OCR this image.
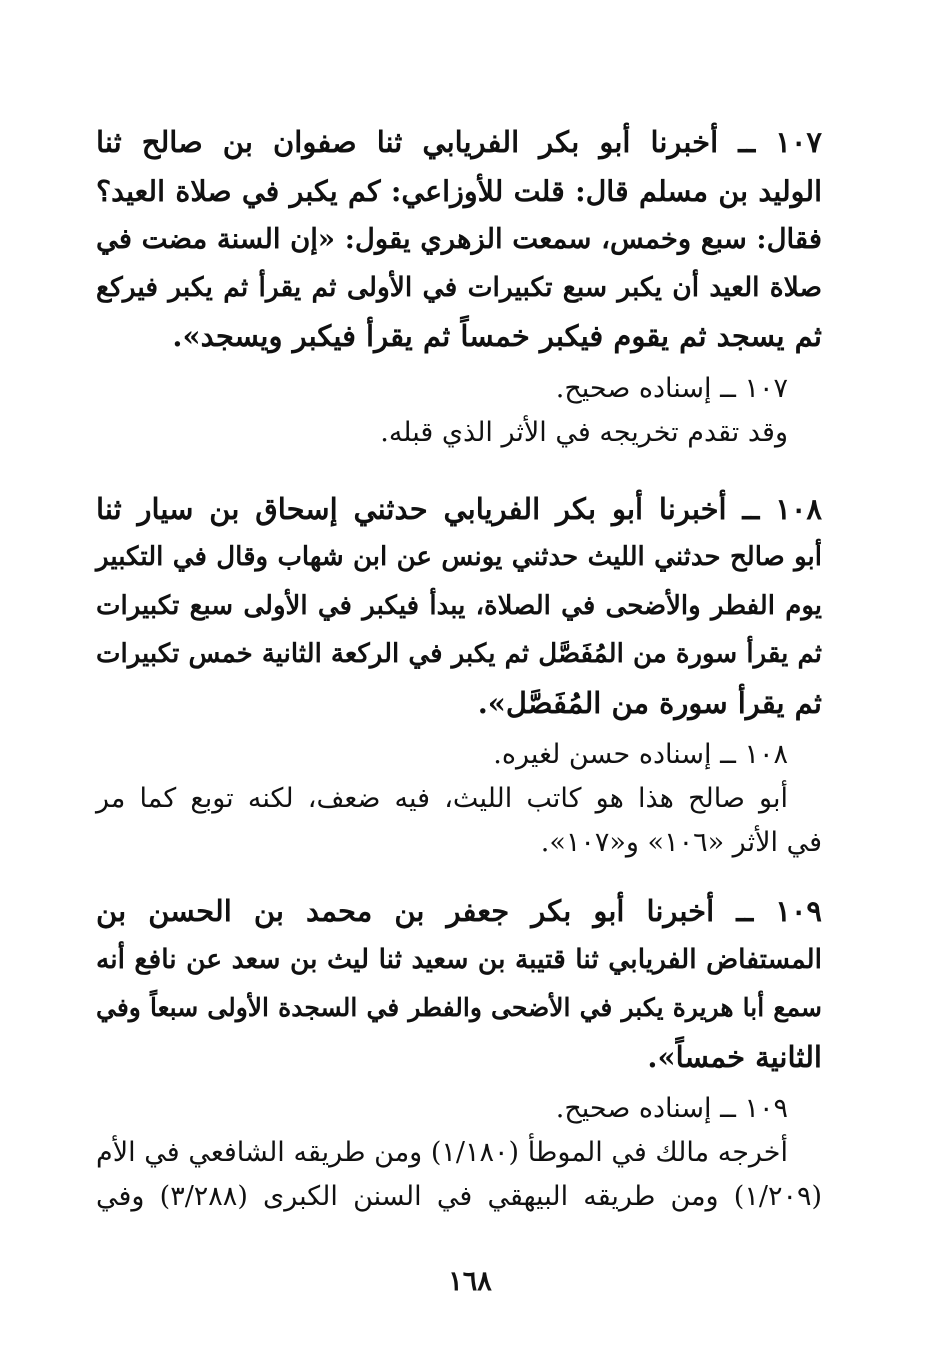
١٠٧ ــ أخبرنا أبو بكر الفريابي ثنا صفوان بن صالح ثنا
الوليد بن مسلم قال: قلت للأوزاعي: كم يكبر في صلاة العيد؟
فقال: سبع وخمس، سمعت الزهري يقول: «إن السنة مضت في
صلاة العيد أن يكبر سبع تكبيرات في الأولى ثم يقرأ ثم يكبر فيركع
ثم يسجد ثم يقوم فيكبر خمساً ثم يقرأ فيكبر ويسجد».
١٠٧ ــ إسناده صحيح.
وقد تقدم تخريجه في الأثر الذي قبله.
١٠٨ ــ أخبرنا أبو بكر الفريابي حدثني إسحاق بن سيار ثنا
أبو صالح حدثني الليث حدثني يونس عن ابن شهاب وقال في التكبير
يوم الفطر والأضحى في الصلاة، يبدأ فيكبر في الأولى سبع تكبيرات
ثم يقرأ سورة من المُفَصَّل ثم يكبر في الركعة الثانية خمس تكبيرات
ثم يقرأ سورة من المُفَصَّل».
١٠٨ ــ إسناده حسن لغيره.
أبو صالح هذا هو كاتب الليث، فيه ضعف، لكنه توبع كما مر
في الأثر «١٠٦» و«١٠٧».
١٠٩ ــ أخبرنا أبو بكر جعفر بن محمد بن الحسن بن
المستفاض الفريابي ثنا قتيبة بن سعيد ثنا ليث بن سعد عن نافع أنه
سمع أبا هريرة يكبر في الأضحى والفطر في السجدة الأولى سبعاً وفي
الثانية خمساً».
١٠٩ ــ إسناده صحيح.
أخرجه مالك في الموطأ (١/١٨٠) ومن طريقه الشافعي في الأم
(١/٢٠٩) ومن طريقه البيهقي في السنن الكبرى (٣/٢٨٨) وفي
١٦٨
